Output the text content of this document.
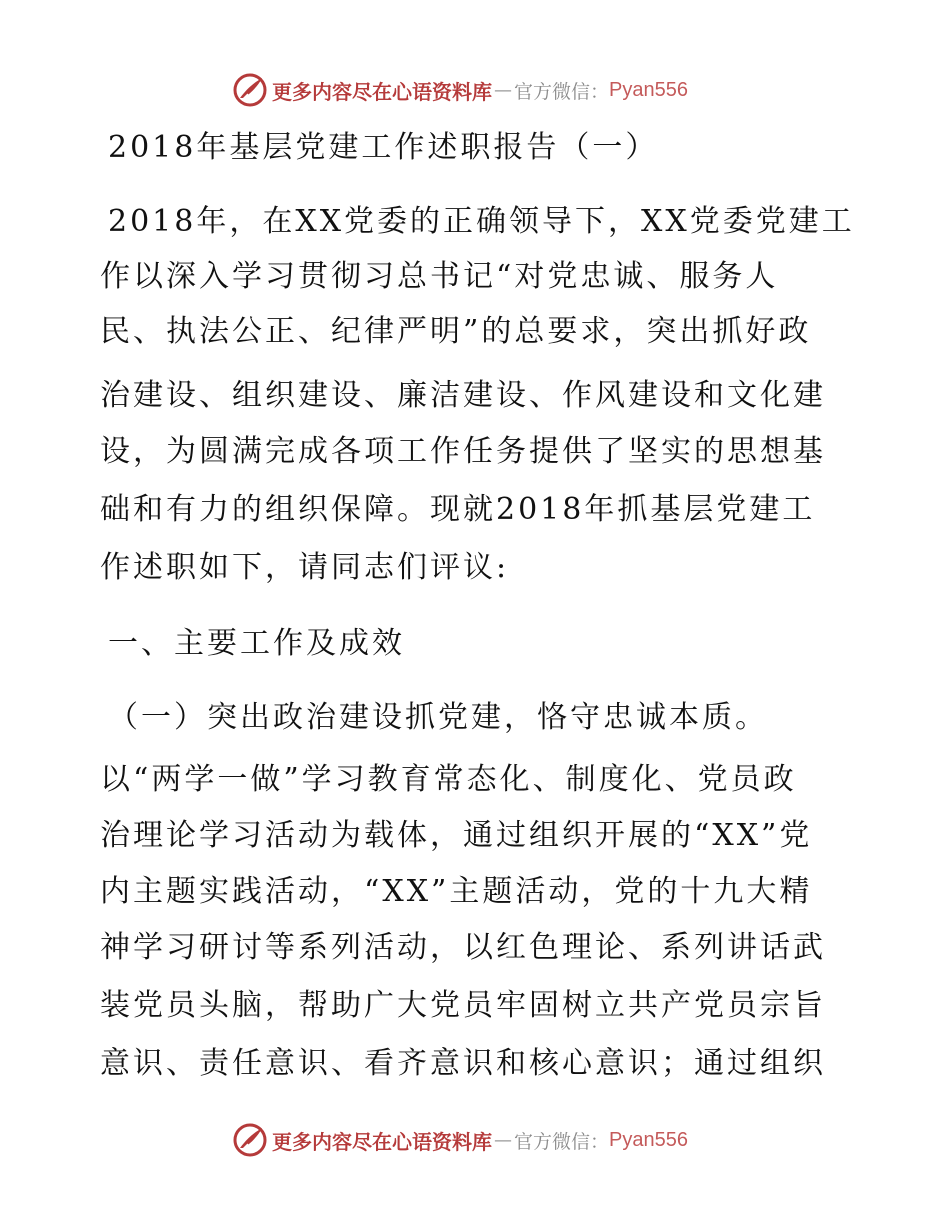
更多内容尽在心语资料库 — 官方微信： Pyan556
2018年基层党建工作述职报告（一）
2018年，在XX党委的正确领导下，XX党委党建工
作以深入学习贯彻习总书记“对党忠诚、服务人
民、执法公正、纪律严明”的总要求，突出抓好政
治建设、组织建设、廉洁建设、作风建设和文化建
设，为圆满完成各项工作任务提供了坚实的思想基
础和有力的组织保障。现就2018年抓基层党建工
作述职如下，请同志们评议:
一、主要工作及成效
（一）突出政治建设抓党建，恪守忠诚本质。
以“两学一做”学习教育常态化、制度化、党员政
治理论学习活动为载体，通过组织开展的“XX”党
内主题实践活动，“XX”主题活动，党的十九大精
神学习研讨等系列活动，以红色理论、系列讲话武
装党员头脑，帮助广大党员牢固树立共产党员宗旨
意识、责任意识、看齐意识和核心意识；通过组织
更多内容尽在心语资料库 — 官方微信： Pyan556
